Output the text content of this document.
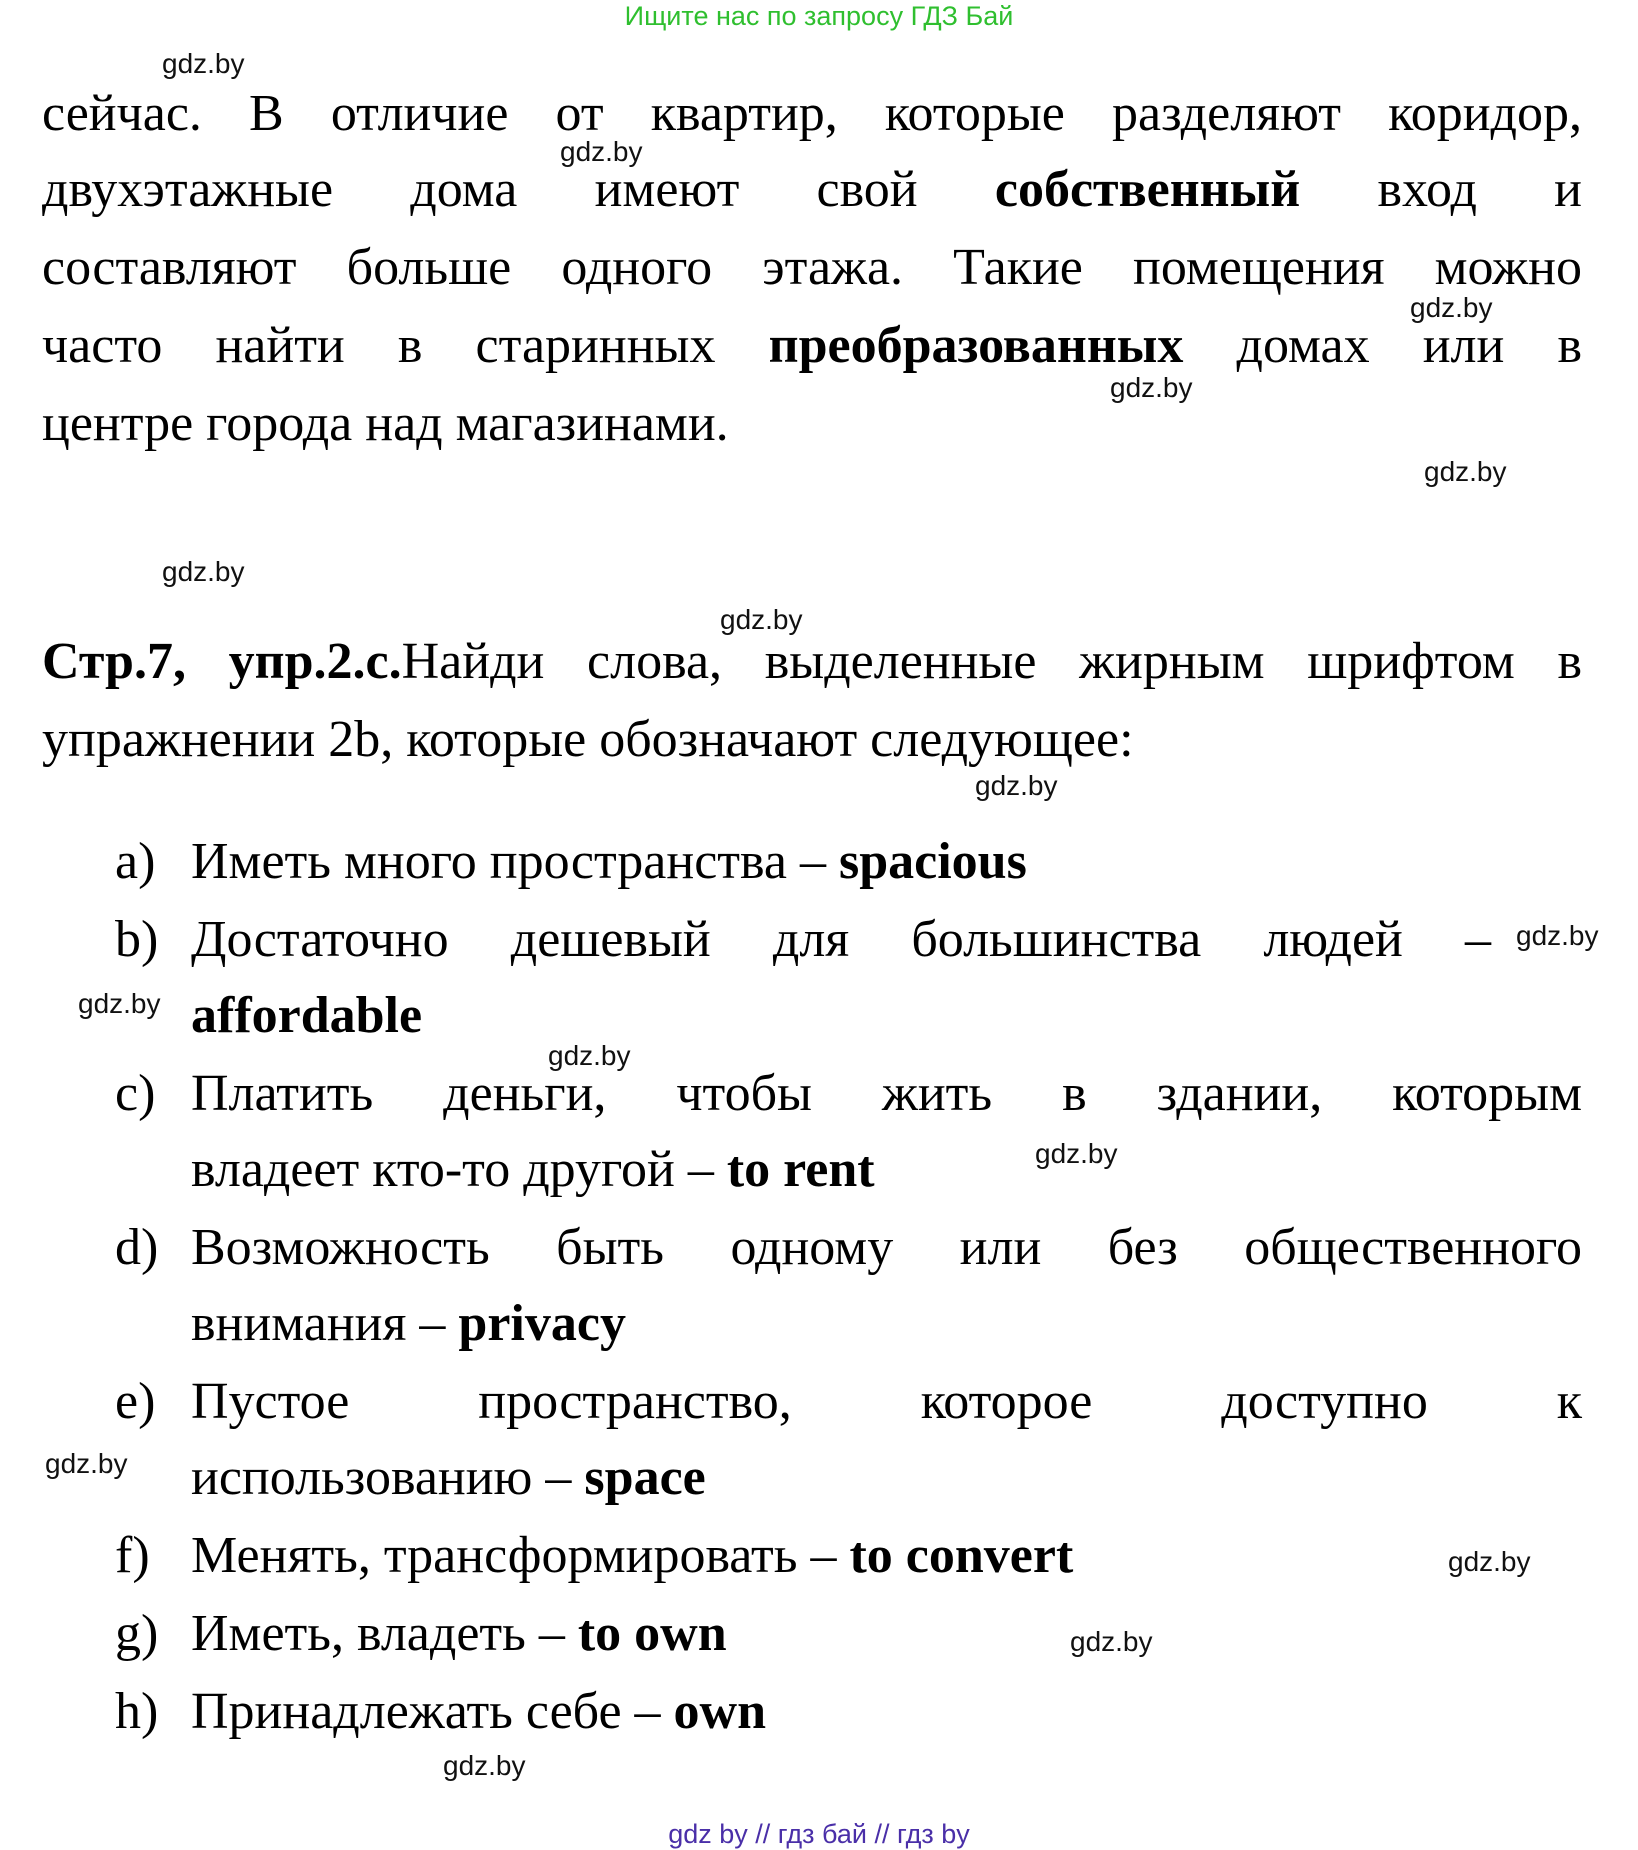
Ищите нас по запросу ГДЗ Бай
сейчас. В отличие от квартир, которые разделяют коридор,
двухэтажные дома имеют свой собственный вход и
составляют больше одного этажа. Такие помещения можно
часто найти в старинных преобразованных домах или в
центре города над магазинами.
Стр.7, упр.2.с.Найди слова, выделенные жирным шрифтом в
упражнении 2b, которые обозначают следующее:
a) Иметь много пространства – spacious
b) Достаточно дешевый для большинства людей –
affordable
c) Платить деньги, чтобы жить в здании, которым
владеет кто-то другой – to rent
d) Возможность быть одному или без общественного
внимания – privacy
e) Пустое пространство, которое доступно к
использованию – space
f) Менять, трансформировать – to convert
g) Иметь, владеть – to own
h) Принадлежать себе – own
gdz.by
gdz.by
gdz.by
gdz.by
gdz.by
gdz.by
gdz.by
gdz.by
gdz.by
gdz.by
gdz.by
gdz.by
gdz.by
gdz.by
gdz.by
gdz.by
gdz by // гдз бай // гдз by
